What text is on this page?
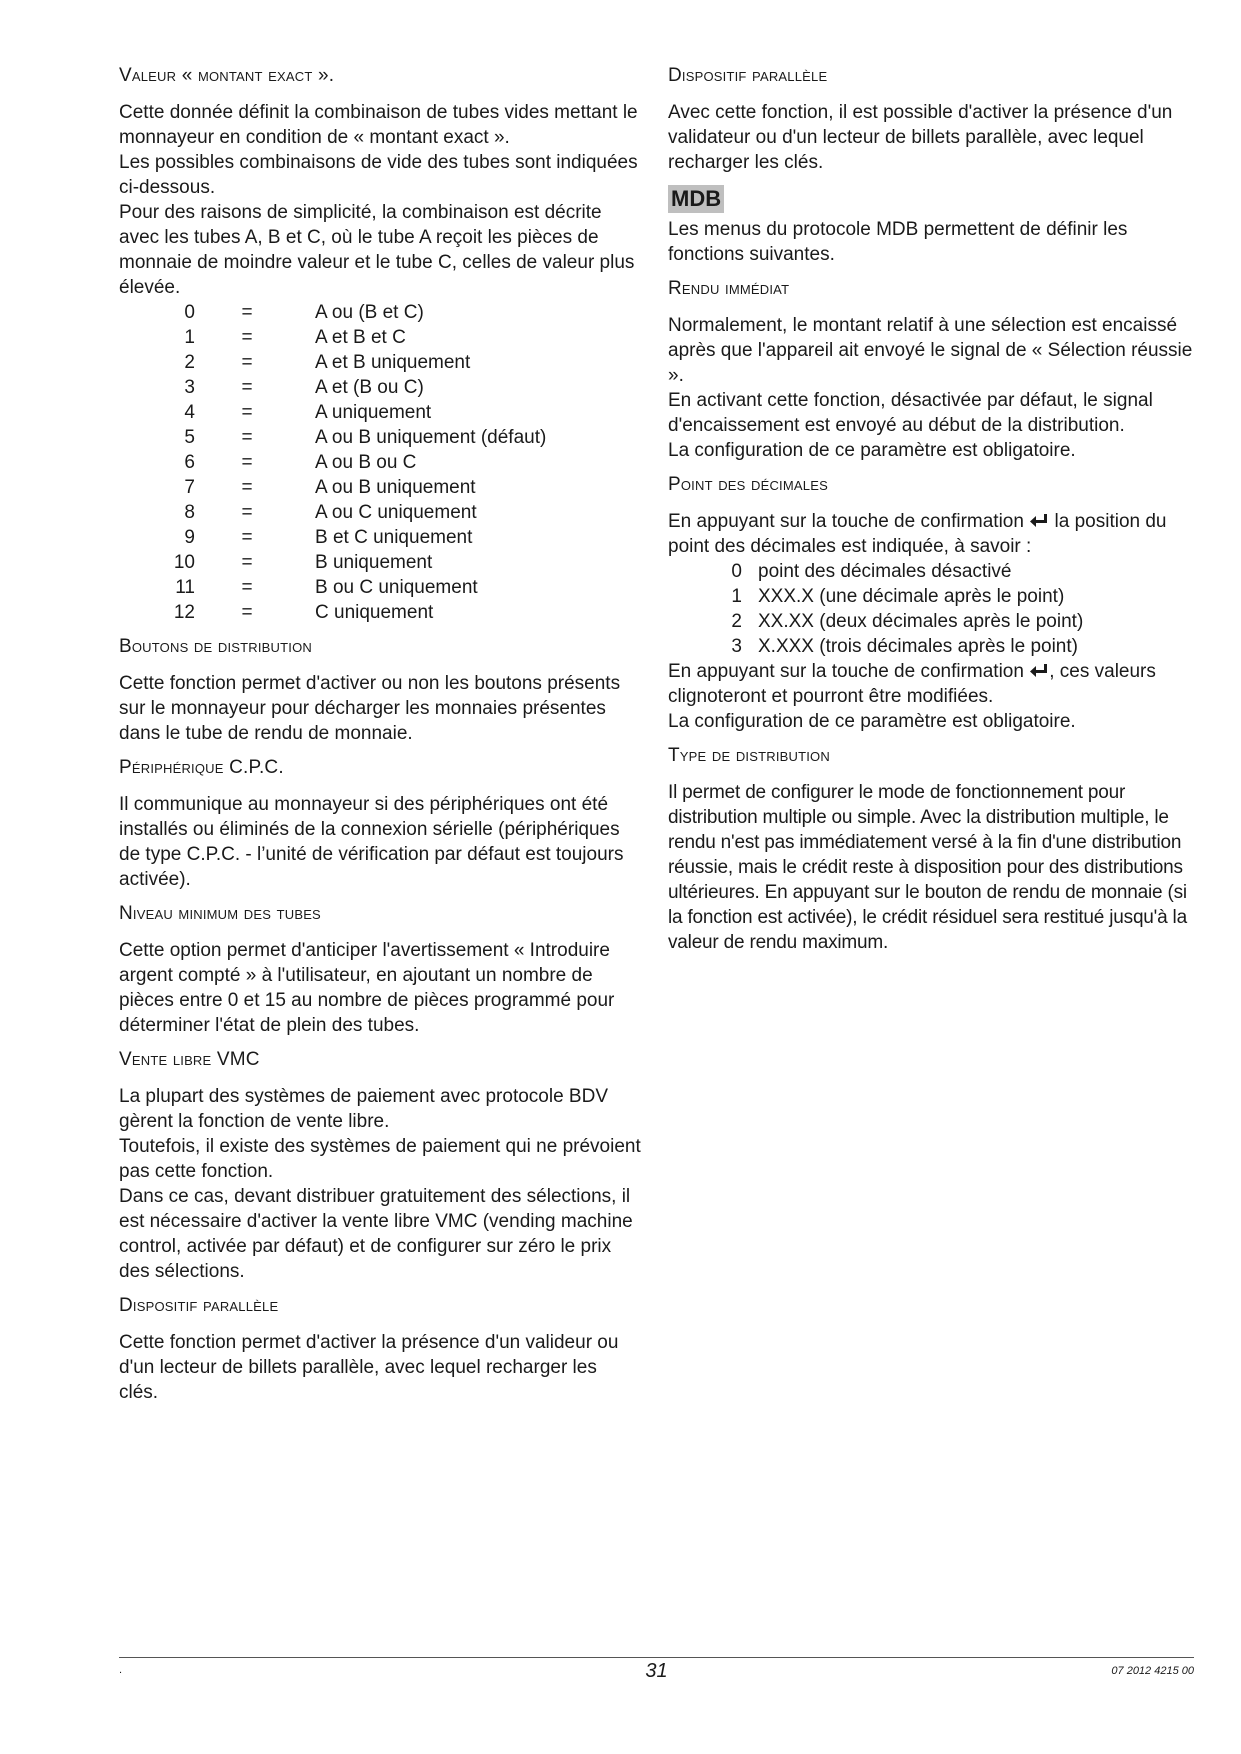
Valeur « montant exact ».

Cette donnée définit la combinaison de tubes vides mettant le monnayeur en condition de « montant exact ».

Les possibles combinaisons de vide des tubes sont indiquées ci-dessous.

Pour des raisons de simplicité, la combinaison est décrite avec les tubes A, B et C, où le tube A reçoit les pièces de monnaie de moindre valeur et le tube C, celles de valeur plus élevée.

0	=	A ou (B et C)
1	=	A et B et C
2	=	A et B uniquement
3	=	A et (B ou C)
4	=	A uniquement
5	=	A ou B uniquement (défaut)
6	=	A ou B ou C
7	=	A ou B uniquement
8	=	A ou C uniquement
9	=	B et C uniquement
10	=	B uniquement
11	=	B ou C uniquement
12	=	C uniquement
Boutons de distribution

Cette fonction permet d'activer ou non les boutons présents sur le monnayeur pour décharger les monnaies présentes dans le tube de rendu de monnaie.

Périphérique C.P.C.

Il communique au monnayeur si des périphériques ont été installés ou éliminés de la connexion sérielle (périphériques de type C.P.C. - l’unité de vérification par défaut est toujours activée).

Niveau minimum des tubes

Cette option permet d'anticiper l'avertissement « Introduire argent compté » à l'utilisateur, en ajoutant un nombre de pièces entre 0 et 15 au nombre de pièces programmé pour déterminer l'état de plein des tubes.

Vente libre VMC

La plupart des systèmes de paiement avec protocole BDV gèrent la fonction de vente libre.

Toutefois, il existe des systèmes de paiement qui ne prévoient pas cette fonction.

Dans ce cas, devant distribuer gratuitement des sélections, il est nécessaire d'activer la vente libre VMC (vending machine control, activée par défaut) et de configurer sur zéro le prix des sélections.

Dispositif parallèle

Cette fonction permet d'activer la présence d'un valideur ou d'un lecteur de billets parallèle, avec lequel recharger les clés.

Dispositif parallèle

Avec cette fonction, il est possible d'activer la présence d'un validateur ou d'un lecteur de billets parallèle, avec lequel recharger les clés.

MDB

Les menus du protocole MDB permettent de définir les fonctions suivantes.

Rendu immédiat

Normalement, le montant relatif à une sélection est encaissé après que l'appareil ait envoyé le signal de « Sélection réussie ».

En activant cette fonction, désactivée par défaut, le signal d'encaissement est envoyé au début de la distribution.

La configuration de ce paramètre est obligatoire.

Point des décimales

En appuyant sur la touche de confirmation la position du point des décimales est indiquée, à savoir :

0 point des décimales désactivé
1 XXX.X (une décimale après le point)
2 XX.XX (deux décimales après le point)
3 X.XXX (trois décimales après le point)

En appuyant sur la touche de confirmation , ces valeurs clignoteront et pourront être modifiées.

La configuration de ce paramètre est obligatoire.

Type de distribution

Il permet de configurer le mode de fonctionnement pour distribution multiple ou simple. Avec la distribution multiple, le rendu n'est pas immédiatement versé à la fin d'une distribution réussie, mais le crédit reste à disposition pour des distributions ultérieures. En appuyant sur le bouton de rendu de monnaie (si la fonction est activée), le crédit résiduel sera restitué jusqu'à la valeur de rendu maximum.

.	31	07 2012 4215 00
